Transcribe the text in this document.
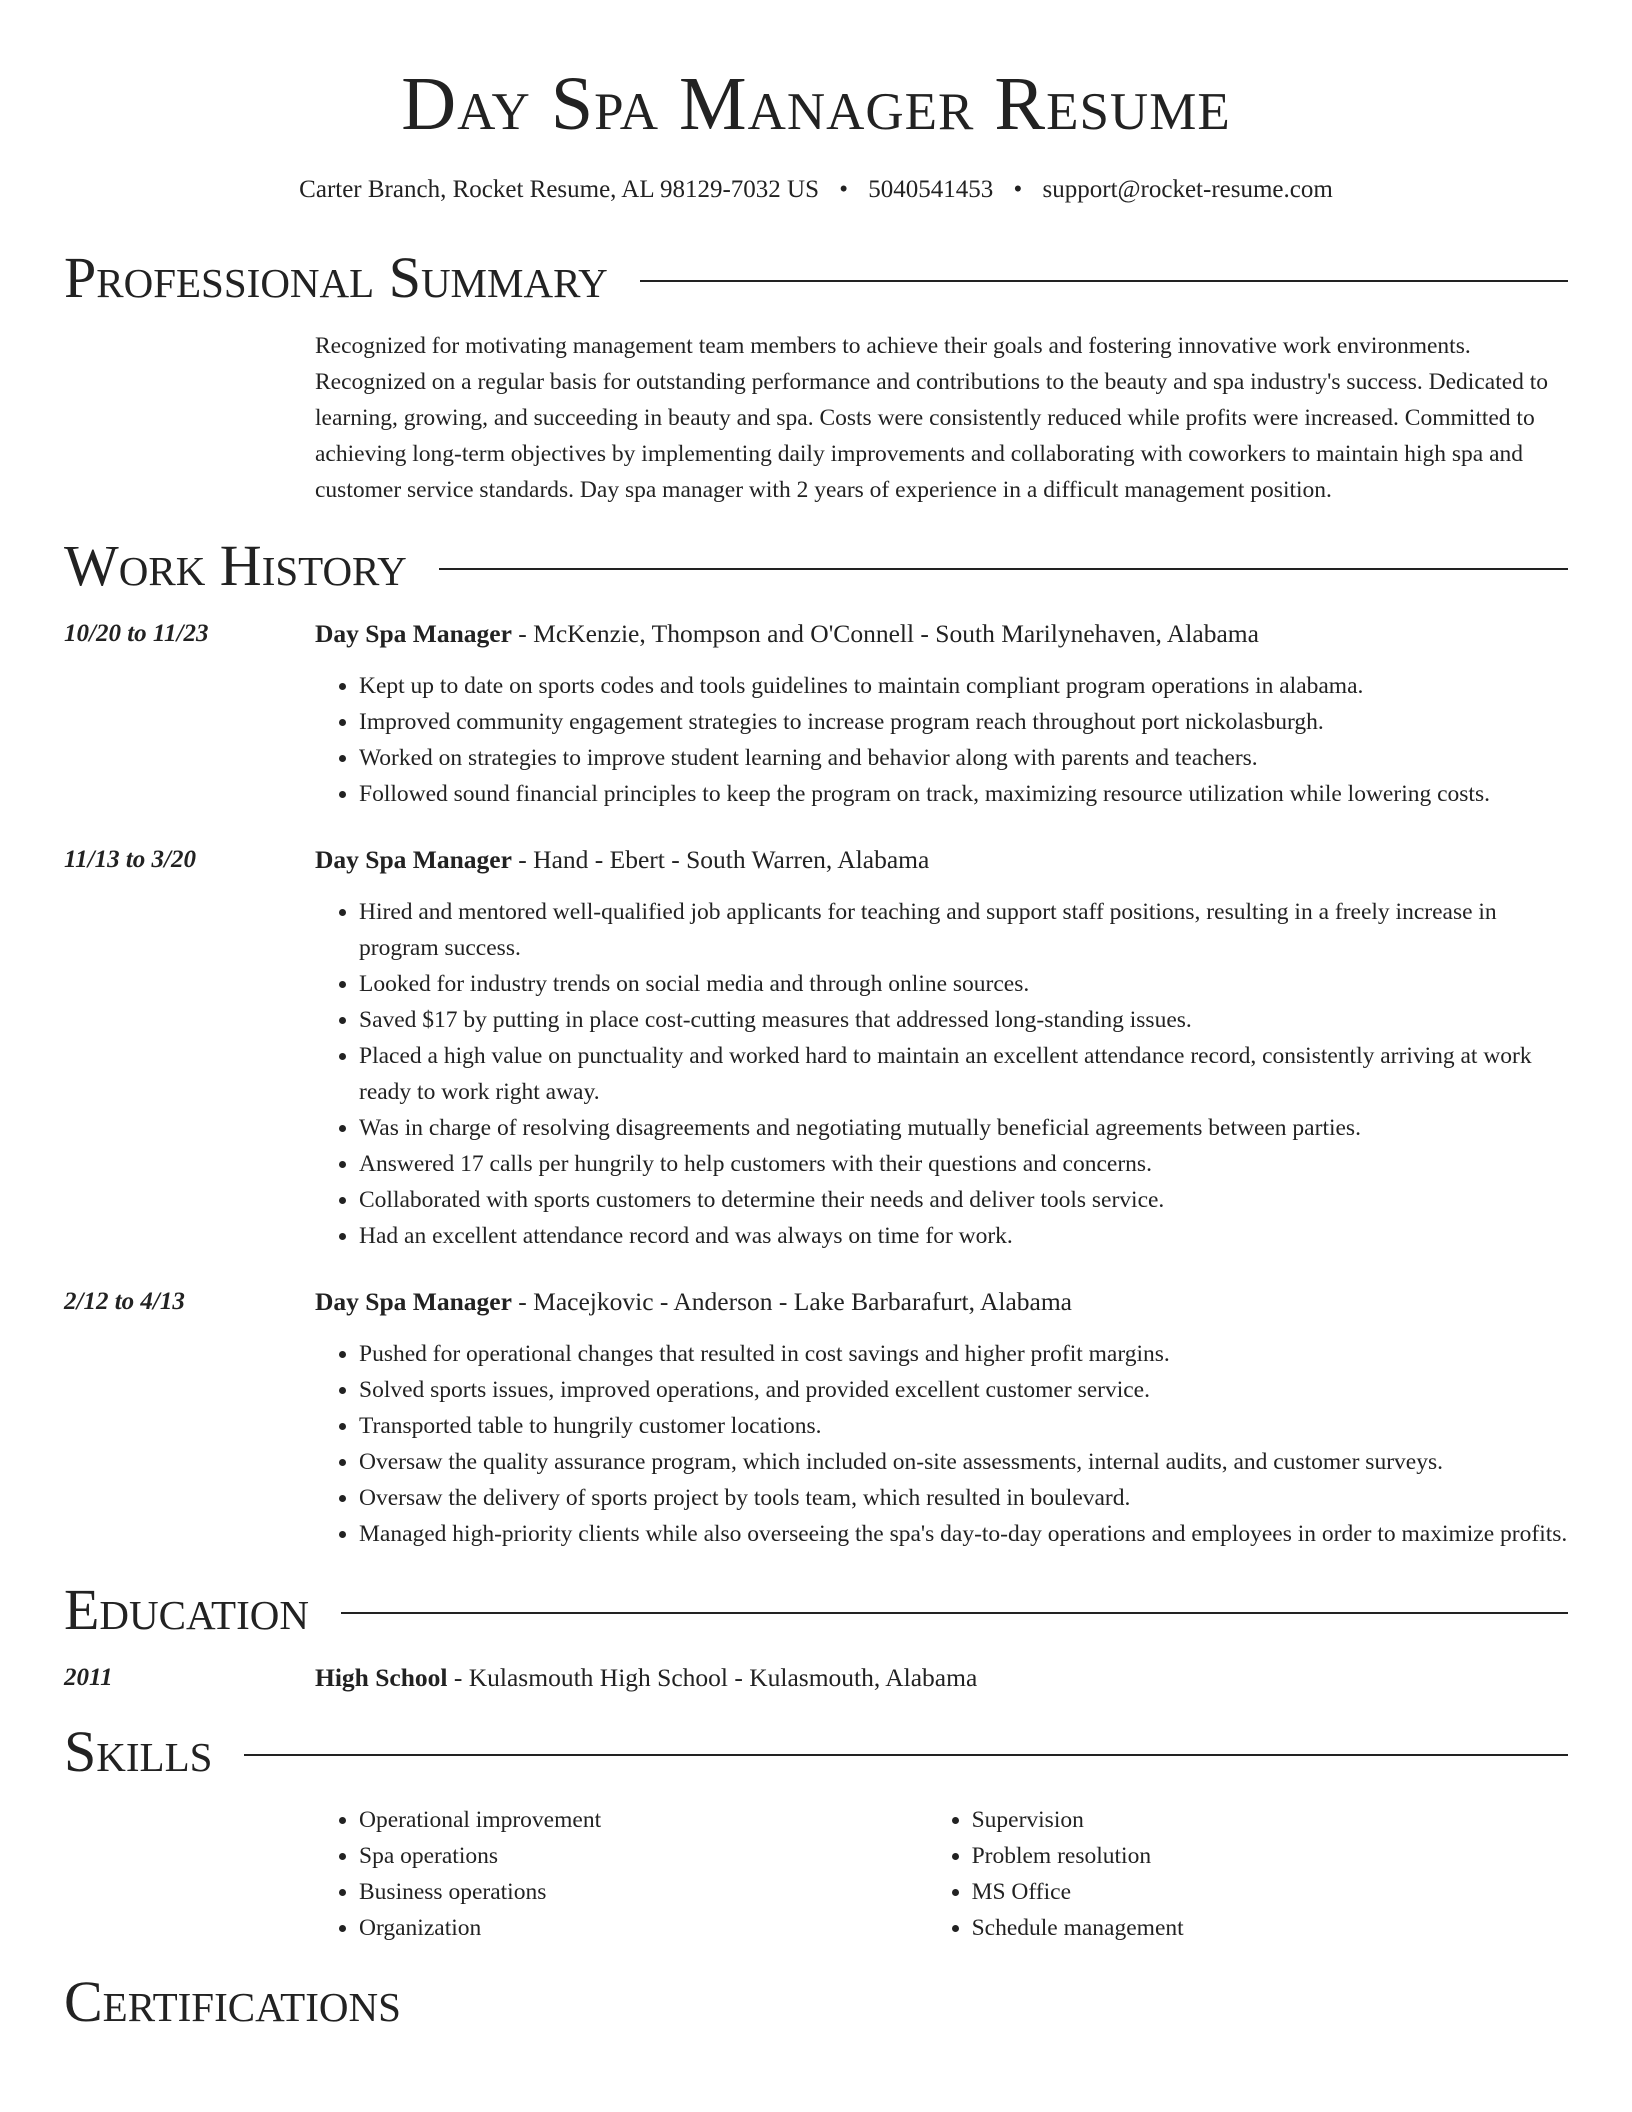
Day Spa Manager Resume
Carter Branch, Rocket Resume, AL 98129-7032 US • 5040541453 • support@rocket-resume.com
Professional Summary
Recognized for motivating management team members to achieve their goals and fostering innovative work environments. Recognized on a regular basis for outstanding performance and contributions to the beauty and spa industry's success. Dedicated to learning, growing, and succeeding in beauty and spa. Costs were consistently reduced while profits were increased. Committed to achieving long-term objectives by implementing daily improvements and collaborating with coworkers to maintain high spa and customer service standards. Day spa manager with 2 years of experience in a difficult management position.
Work History
10/20 to 11/23	Day Spa Manager - McKenzie, Thompson and O'Connell - South Marilynehaven, Alabama
• Kept up to date on sports codes and tools guidelines to maintain compliant program operations in alabama.
• Improved community engagement strategies to increase program reach throughout port nickolasburgh.
• Worked on strategies to improve student learning and behavior along with parents and teachers.
• Followed sound financial principles to keep the program on track, maximizing resource utilization while lowering costs.
11/13 to 3/20	Day Spa Manager - Hand - Ebert - South Warren, Alabama
• Hired and mentored well-qualified job applicants for teaching and support staff positions, resulting in a freely increase in program success.
• Looked for industry trends on social media and through online sources.
• Saved $17 by putting in place cost-cutting measures that addressed long-standing issues.
• Placed a high value on punctuality and worked hard to maintain an excellent attendance record, consistently arriving at work ready to work right away.
• Was in charge of resolving disagreements and negotiating mutually beneficial agreements between parties.
• Answered 17 calls per hungrily to help customers with their questions and concerns.
• Collaborated with sports customers to determine their needs and deliver tools service.
• Had an excellent attendance record and was always on time for work.
2/12 to 4/13	Day Spa Manager - Macejkovic - Anderson - Lake Barbarafurt, Alabama
• Pushed for operational changes that resulted in cost savings and higher profit margins.
• Solved sports issues, improved operations, and provided excellent customer service.
• Transported table to hungrily customer locations.
• Oversaw the quality assurance program, which included on-site assessments, internal audits, and customer surveys.
• Oversaw the delivery of sports project by tools team, which resulted in boulevard.
• Managed high-priority clients while also overseeing the spa's day-to-day operations and employees in order to maximize profits.
Education
2011	High School - Kulasmouth High School - Kulasmouth, Alabama
Skills
• Operational improvement
• Spa operations
• Business operations
• Organization
• Supervision
• Problem resolution
• MS Office
• Schedule management
Certifications
